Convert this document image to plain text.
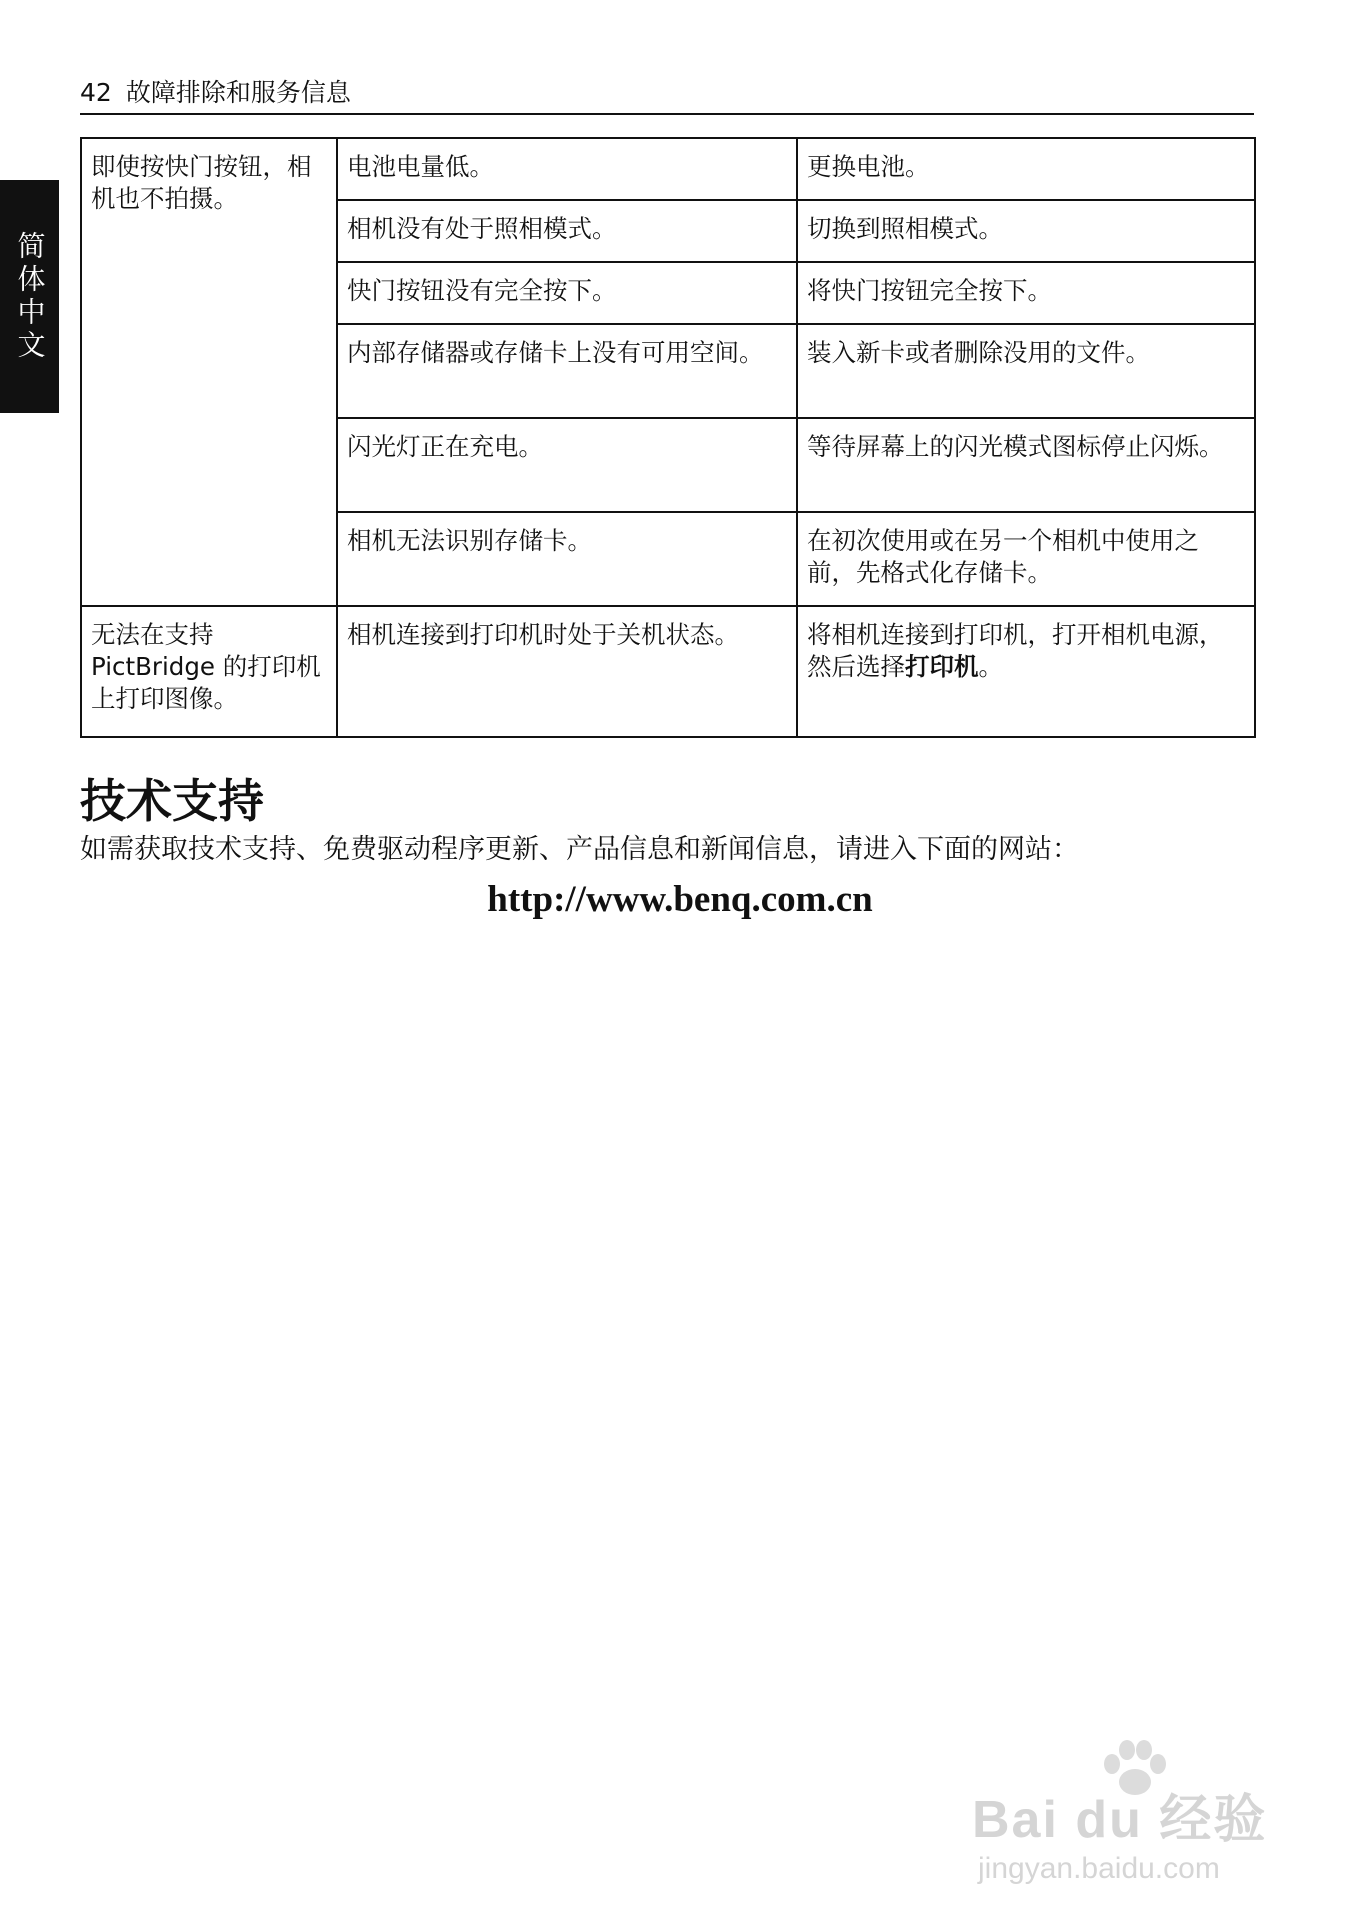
42 故障排除和服务信息
简体中文
即使按快门按钮，相机也不拍摄。	电池电量低。	更换电池。
	相机没有处于照相模式。	切换到照相模式。
	快门按钮没有完全按下。	将快门按钮完全按下。
	内部存储器或存储卡上没有可用空间。	装入新卡或者删除没用的文件。
	闪光灯正在充电。	等待屏幕上的闪光模式图标停止闪烁。
	相机无法识别存储卡。	在初次使用或在另一个相机中使用之前，先格式化存储卡。
无法在支持 PictBridge 的打印机上打印图像。	相机连接到打印机时处于关机状态。	将相机连接到打印机，打开相机电源，然后选择打印机。
技术支持
如需获取技术支持、免费驱动程序更新、产品信息和新闻信息，请进入下面的网站：
http://www.benq.com.cn
Bai du 经验
jingyan.baidu.com
